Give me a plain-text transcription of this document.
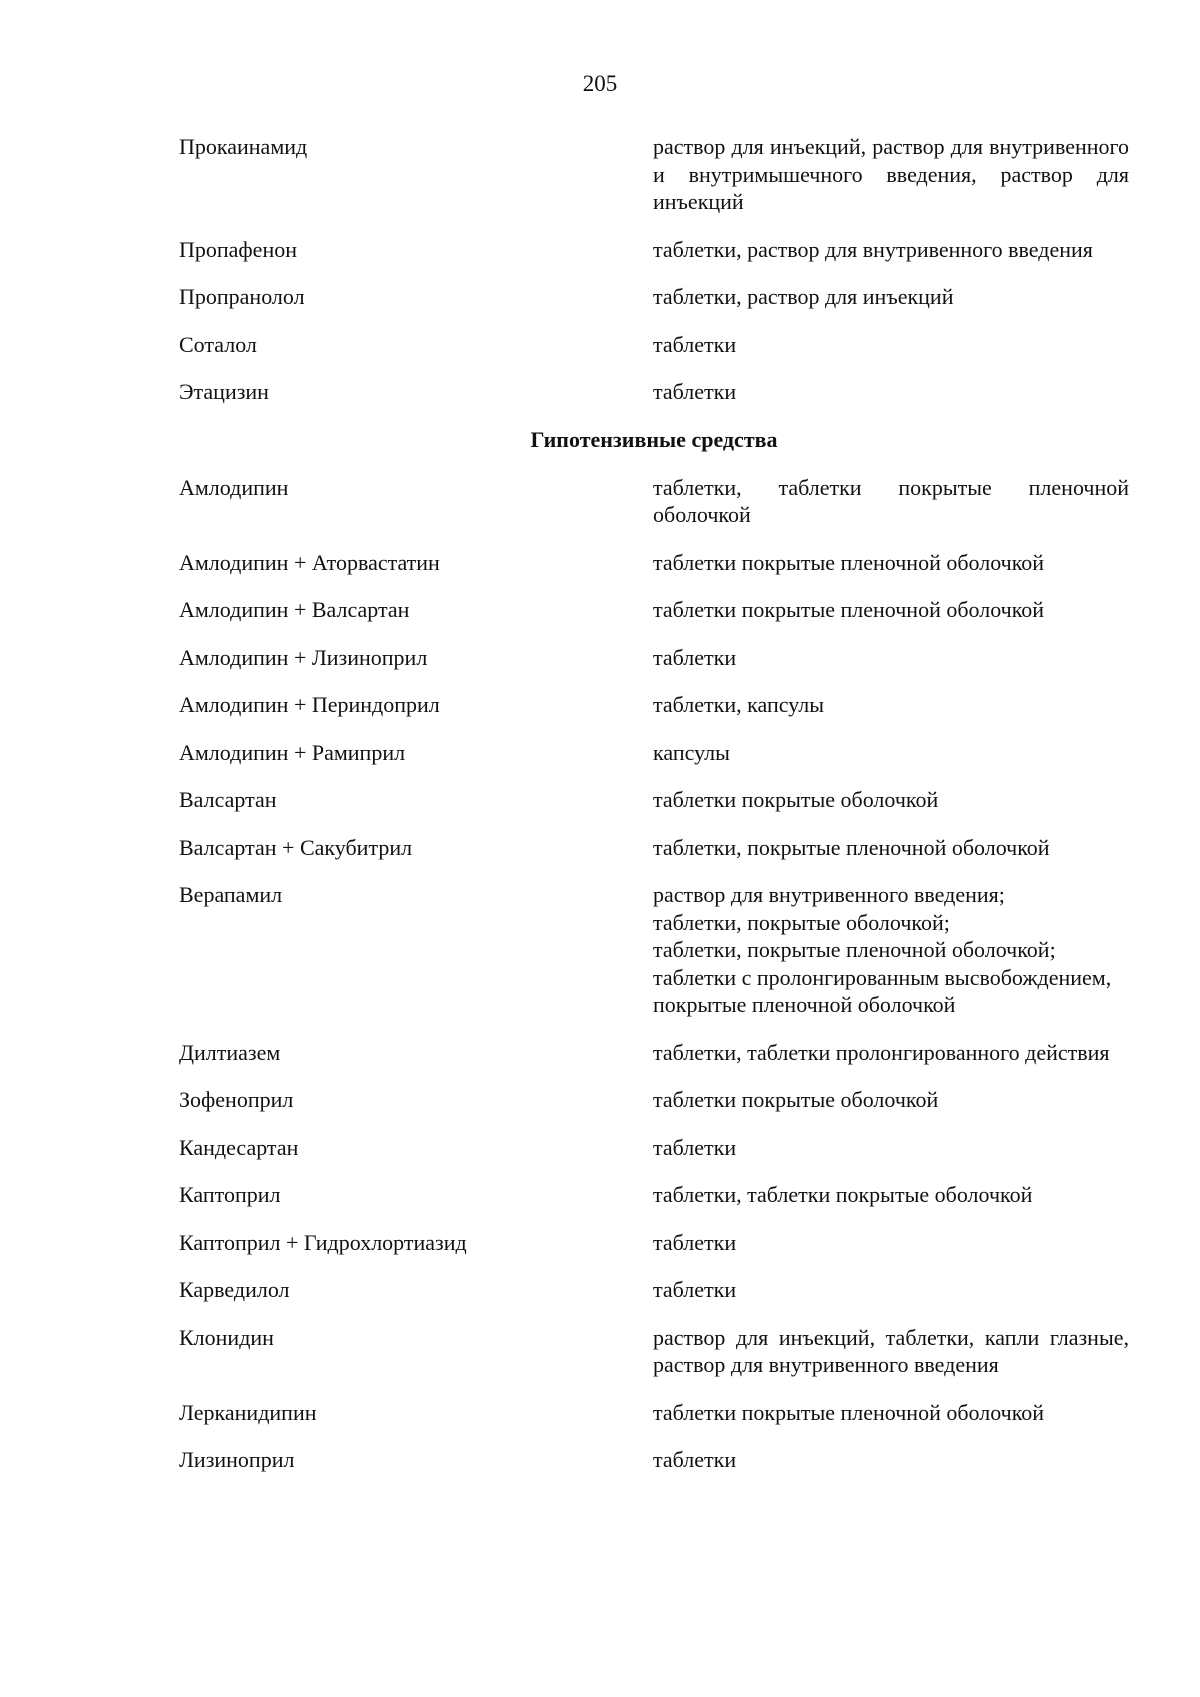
205
Прокаинамид	раствор для инъекций, раствор для внутривенного и внутримышечного введения, раствор для инъекций
Пропафенон	таблетки, раствор для внутривенного введения
Пропранолол	таблетки, раствор для инъекций
Соталол	таблетки
Этацизин	таблетки
Гипотензивные средства
Амлодипин	таблетки, таблетки покрытые пленочной оболочкой
Амлодипин + Аторвастатин	таблетки покрытые пленочной оболочкой
Амлодипин + Валсартан	таблетки покрытые пленочной оболочкой
Амлодипин + Лизиноприл	таблетки
Амлодипин + Периндоприл	таблетки, капсулы
Амлодипин + Рамиприл	капсулы
Валсартан	таблетки покрытые оболочкой
Валсартан + Сакубитрил	таблетки, покрытые пленочной оболочкой
Верапамил	раствор для внутривенного введения;
таблетки, покрытые оболочкой;
таблетки, покрытые пленочной оболочкой;
таблетки с пролонгированным высвобождением, покрытые пленочной оболочкой
Дилтиазем	таблетки, таблетки пролонгированного действия
Зофеноприл	таблетки покрытые оболочкой
Кандесартан	таблетки
Каптоприл	таблетки, таблетки покрытые оболочкой
Каптоприл + Гидрохлортиазид	таблетки
Карведилол	таблетки
Клонидин	раствор для инъекций, таблетки, капли глазные, раствор для внутривенного введения
Лерканидипин	таблетки покрытые пленочной оболочкой
Лизиноприл	таблетки
